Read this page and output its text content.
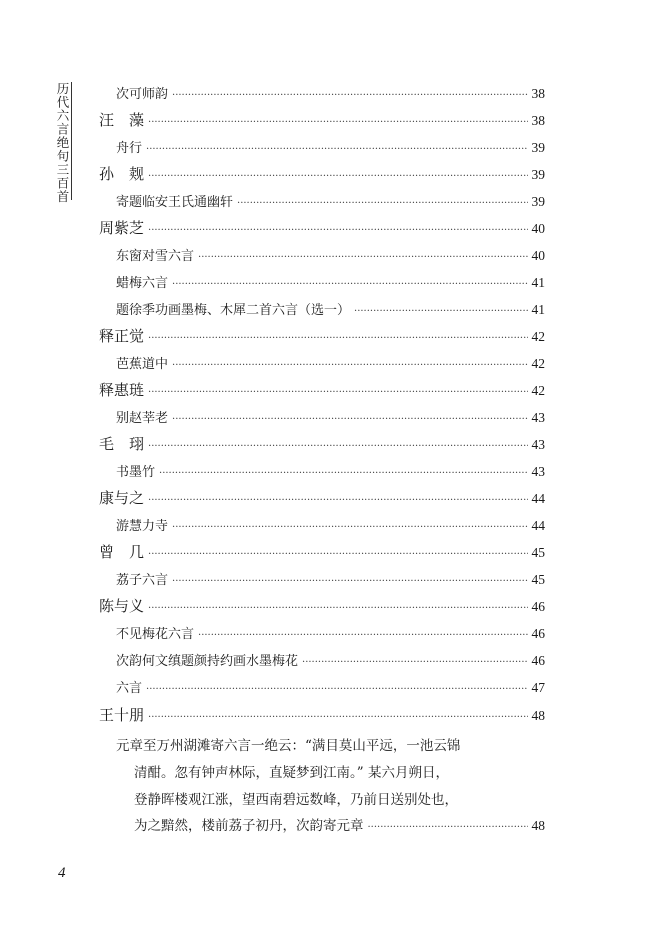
历代六言绝句三百首	次可师韵 ·····	38
汪　藻 ·····	38
舟行 ·····	39
孙　觌 ·····	39
寄题临安王氏通幽轩 ·····	39
周紫芝 ·····	40
东窗对雪六言 ·····	40
蜡梅六言 ·····	41
题徐季功画墨梅、木犀二首六言（选一） ·····	41
释正觉 ·····	42
芭蕉道中 ·····	42
释惠琏 ·····	42
别赵莘老 ·····	43
毛　珝 ·····	43
书墨竹 ·····	43
康与之 ·····	44
游慧力寺 ·····	44
曾　几 ·····	45
荔子六言 ·····	45
陈与义 ·····	46
不见梅花六言 ·····	46
次韵何文缜题颜持约画水墨梅花 ·····	46
六言 ·····	47
王十朋 ·····	48
元章至万州湖滩寄六言一绝云：“满目莫山平远，一池云锦
清酣。忽有钟声林际，直疑梦到江南。” 某六月朔日，
登静晖楼观江涨，望西南碧远数峰，乃前日送别处也，
为之黯然，楼前荔子初丹，次韵寄元章 ·····	48
4
